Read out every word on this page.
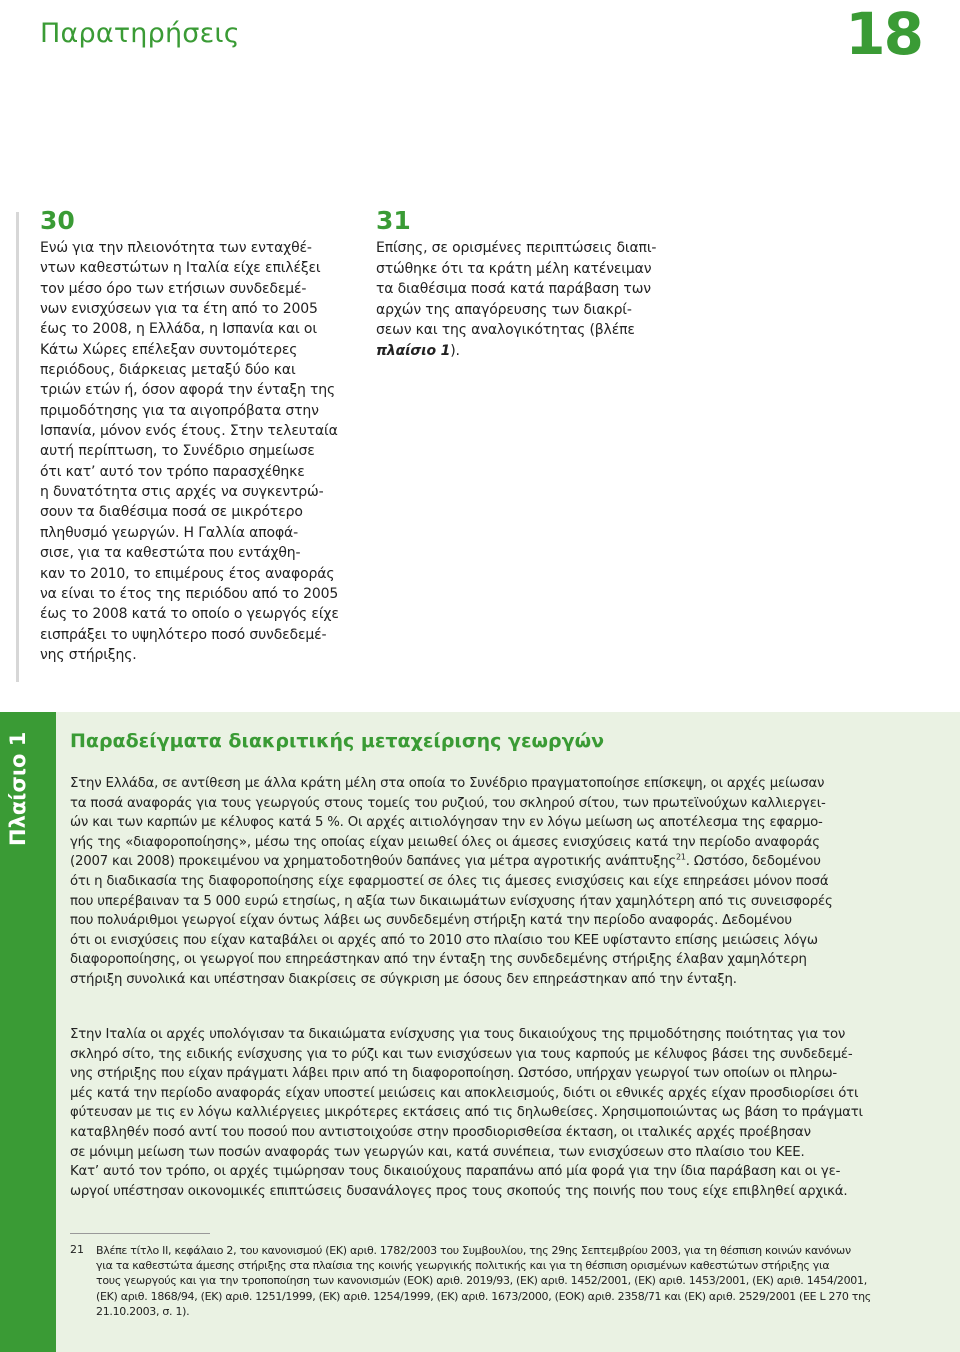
Παρατηρήσεις	18
30
Ενώ για την πλειονότητα των ενταχθέ-
ντων καθεστώτων η Ιταλία είχε επιλέξει
τον μέσο όρο των ετήσιων συνδεδεμέ-
νων ενισχύσεων για τα έτη από το 2005
έως το 2008, η Ελλάδα, η Ισπανία και οι
Κάτω Χώρες επέλεξαν συντομότερες
περιόδους, διάρκειας μεταξύ δύο και
τριών ετών ή, όσον αφορά την ένταξη της
πριμοδότησης για τα αιγοπρόβατα στην
Ισπανία, μόνον ενός έτους. Στην τελευταία
αυτή περίπτωση, το Συνέδριο σημείωσε
ότι κατ’ αυτό τον τρόπο παρασχέθηκε
η δυνατότητα στις αρχές να συγκεντρώ-
σουν τα διαθέσιμα ποσά σε μικρότερο
πληθυσμό γεωργών. Η Γαλλία αποφά-
σισε, για τα καθεστώτα που εντάχθη-
καν το 2010, το επιμέρους έτος αναφοράς
να είναι το έτος της περιόδου από το 2005
έως το 2008 κατά το οποίο ο γεωργός είχε
εισπράξει το υψηλότερο ποσό συνδεδεμέ-
νης στήριξης.
31
Επίσης, σε ορισμένες περιπτώσεις διαπι-
στώθηκε ότι τα κράτη μέλη κατένειμαν
τα διαθέσιμα ποσά κατά παράβαση των
αρχών της απαγόρευσης των διακρί-
σεων και της αναλογικότητας (βλέπε
πλαίσιο 1).
Πλαίσιο 1 Παραδείγματα διακριτικής μεταχείρισης γεωργών
Στην Ελλάδα, σε αντίθεση με άλλα κράτη μέλη στα οποία το Συνέδριο πραγματοποίησε επίσκεψη, οι αρχές μείωσαν
τα ποσά αναφοράς για τους γεωργούς στους τομείς του ρυζιού, του σκληρού σίτου, των πρωτεϊνούχων καλλιεργει-
ών και των καρπών με κέλυφος κατά 5 %. Οι αρχές αιτιολόγησαν την εν λόγω μείωση ως αποτέλεσμα της εφαρμο-
γής της «διαφοροποίησης», μέσω της οποίας είχαν μειωθεί όλες οι άμεσες ενισχύσεις κατά την περίοδο αναφοράς
(2007 και 2008) προκειμένου να χρηματοδοτηθούν δαπάνες για μέτρα αγροτικής ανάπτυξης$^{21}$. Ωστόσο, δεδομένου
ότι η διαδικασία της διαφοροποίησης είχε εφαρμοστεί σε όλες τις άμεσες ενισχύσεις και είχε επηρεάσει μόνον ποσά
που υπερέβαιναν τα 5 000 ευρώ ετησίως, η αξία των δικαιωμάτων ενίσχυσης ήταν χαμηλότερη από τις συνεισφορές
που πολυάριθμοι γεωργοί είχαν όντως λάβει ως συνδεδεμένη στήριξη κατά την περίοδο αναφοράς. Δεδομένου
ότι οι ενισχύσεις που είχαν καταβάλει οι αρχές από το 2010 στο πλαίσιο του ΚΕΕ υφίσταντο επίσης μειώσεις λόγω
διαφοροποίησης, οι γεωργοί που επηρεάστηκαν από την ένταξη της συνδεδεμένης στήριξης έλαβαν χαμηλότερη
στήριξη συνολικά και υπέστησαν διακρίσεις σε σύγκριση με όσους δεν επηρεάστηκαν από την ένταξη.
Στην Ιταλία οι αρχές υπολόγισαν τα δικαιώματα ενίσχυσης για τους δικαιούχους της πριμοδότησης ποιότητας για τον
σκληρό σίτο, της ειδικής ενίσχυσης για το ρύζι και των ενισχύσεων για τους καρπούς με κέλυφος βάσει της συνδεδεμέ-
νης στήριξης που είχαν πράγματι λάβει πριν από τη διαφοροποίηση. Ωστόσο, υπήρχαν γεωργοί των οποίων οι πληρω-
μές κατά την περίοδο αναφοράς είχαν υποστεί μειώσεις και αποκλεισμούς, διότι οι εθνικές αρχές είχαν προσδιορίσει ότι
φύτευσαν με τις εν λόγω καλλιέργειες μικρότερες εκτάσεις από τις δηλωθείσες. Χρησιμοποιώντας ως βάση το πράγματι
καταβληθέν ποσό αντί του ποσού που αντιστοιχούσε στην προσδιορισθείσα έκταση, οι ιταλικές αρχές προέβησαν
σε μόνιμη μείωση των ποσών αναφοράς των γεωργών και, κατά συνέπεια, των ενισχύσεων στο πλαίσιο του ΚΕΕ.
Κατ’ αυτό τον τρόπο, οι αρχές τιμώρησαν τους δικαιούχους παραπάνω από μία φορά για την ίδια παράβαση και οι γε-
ωργοί υπέστησαν οικονομικές επιπτώσεις δυσανάλογες προς τους σκοπούς της ποινής που τους είχε επιβληθεί αρχικά.
21 Βλέπε τίτλο II, κεφάλαιο 2, του κανονισμού (ΕΚ) αριθ. 1782/2003 του Συμβουλίου, της 29ης Σεπτεμβρίου 2003, για τη θέσπιση κοινών κανόνων
για τα καθεστώτα άμεσης στήριξης στα πλαίσια της κοινής γεωργικής πολιτικής και για τη θέσπιση ορισμένων καθεστώτων στήριξης για
τους γεωργούς και για την τροποποίηση των κανονισμών (ΕΟΚ) αριθ. 2019/93, (ΕΚ) αριθ. 1452/2001, (ΕΚ) αριθ. 1453/2001, (ΕΚ) αριθ. 1454/2001,
(ΕΚ) αριθ. 1868/94, (ΕΚ) αριθ. 1251/1999, (ΕΚ) αριθ. 1254/1999, (ΕΚ) αριθ. 1673/2000, (ΕΟΚ) αριθ. 2358/71 και (ΕΚ) αριθ. 2529/2001 (ΕΕ L 270 της
21.10.2003, σ. 1).
